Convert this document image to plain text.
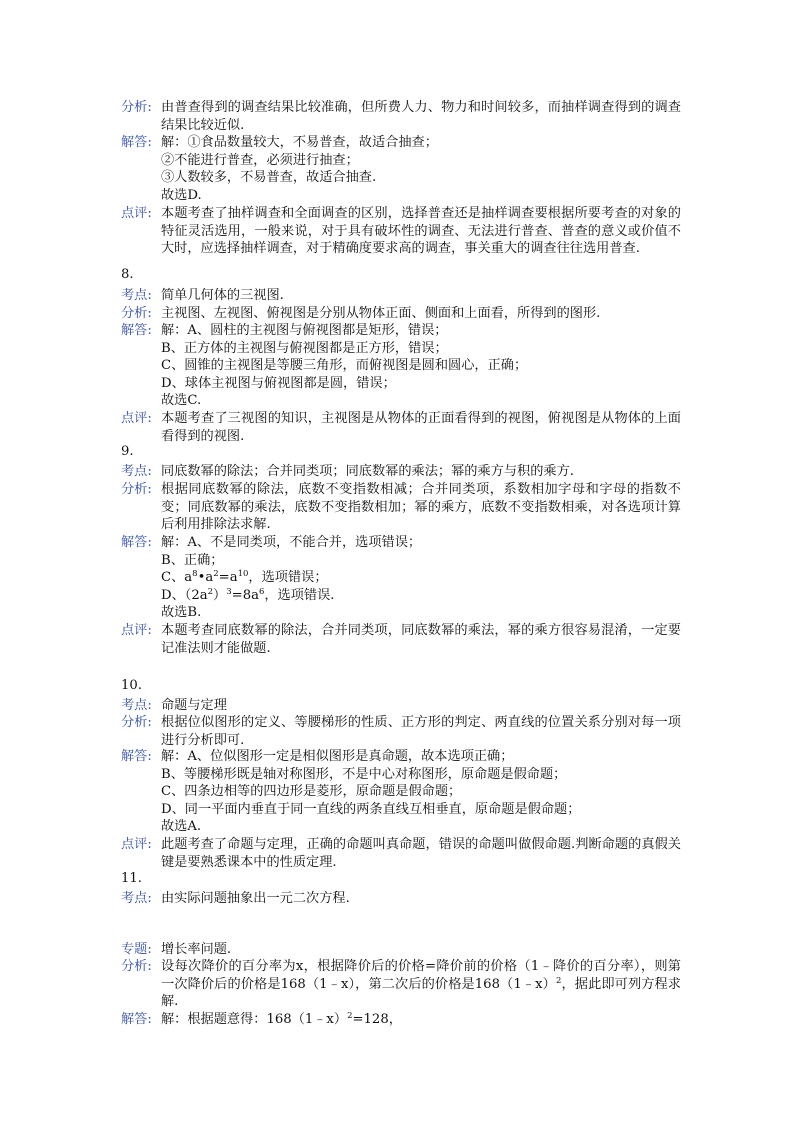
分析: 由普查得到的调查结果比较准确，但所费人力、物力和时间较多，而抽样调查得到的调查结果比较近似.
解答: 解：①食品数量较大，不易普查，故适合抽查；
②不能进行普查，必须进行抽查；
③人数较多，不易普查，故适合抽查.
故选D.
点评: 本题考查了抽样调查和全面调查的区别，选择普查还是抽样调查要根据所要考查的对象的特征灵活选用，一般来说，对于具有破坏性的调查、无法进行普查、普查的意义或价值不大时，应选择抽样调查，对于精确度要求高的调查，事关重大的调查往往选用普查.
8.
考点: 简单几何体的三视图.
分析: 主视图、左视图、俯视图是分别从物体正面、侧面和上面看，所得到的图形.
解答: 解：A、圆柱的主视图与俯视图都是矩形，错误；
B、正方体的主视图与俯视图都是正方形，错误；
C、圆锥的主视图是等腰三角形，而俯视图是圆和圆心，正确；
D、球体主视图与俯视图都是圆，错误；
故选C.
点评: 本题考查了三视图的知识，主视图是从物体的正面看得到的视图，俯视图是从物体的上面看得到的视图.
9.
考点: 同底数幂的除法；合并同类项；同底数幂的乘法；幂的乘方与积的乘方.
分析: 根据同底数幂的除法，底数不变指数相减；合并同类项，系数相加字母和字母的指数不变；同底数幂的乘法，底数不变指数相加；幂的乘方，底数不变指数相乘，对各选项计算后利用排除法求解.
解答: 解：A、不是同类项，不能合并，选项错误；
B、正确；
C、$a^8•a^2=a^{10}$，选项错误；
D、$(2a^2)^3=8a^6$，选项错误.
故选B.
点评: 本题考查同底数幂的除法，合并同类项，同底数幂的乘法，幂的乘方很容易混淆，一定要记准法则才能做题.
10.
考点: 命题与定理
分析: 根据位似图形的定义、等腰梯形的性质、正方形的判定、两直线的位置关系分别对每一项进行分析即可.
解答: 解：A、位似图形一定是相似图形是真命题，故本选项正确；
B、等腰梯形既是轴对称图形，不是中心对称图形，原命题是假命题；
C、四条边相等的四边形是菱形，原命题是假命题；
D、同一平面内垂直于同一直线的两条直线互相垂直，原命题是假命题；
故选A.
点评: 此题考查了命题与定理，正确的命题叫真命题，错误的命题叫做假命题.判断命题的真假关键是要熟悉课本中的性质定理.
11.
考点: 由实际问题抽象出一元二次方程.
专题: 增长率问题.
分析: 设每次降价的百分率为x，根据降价后的价格=降价前的价格（1﹣降价的百分率），则第一次降价后的价格是168（1﹣x），第二次后的价格是168（1﹣x）$^2$，据此即可列方程求解.
解答: 解：根据题意得：168（1﹣x）$^2$=128，
